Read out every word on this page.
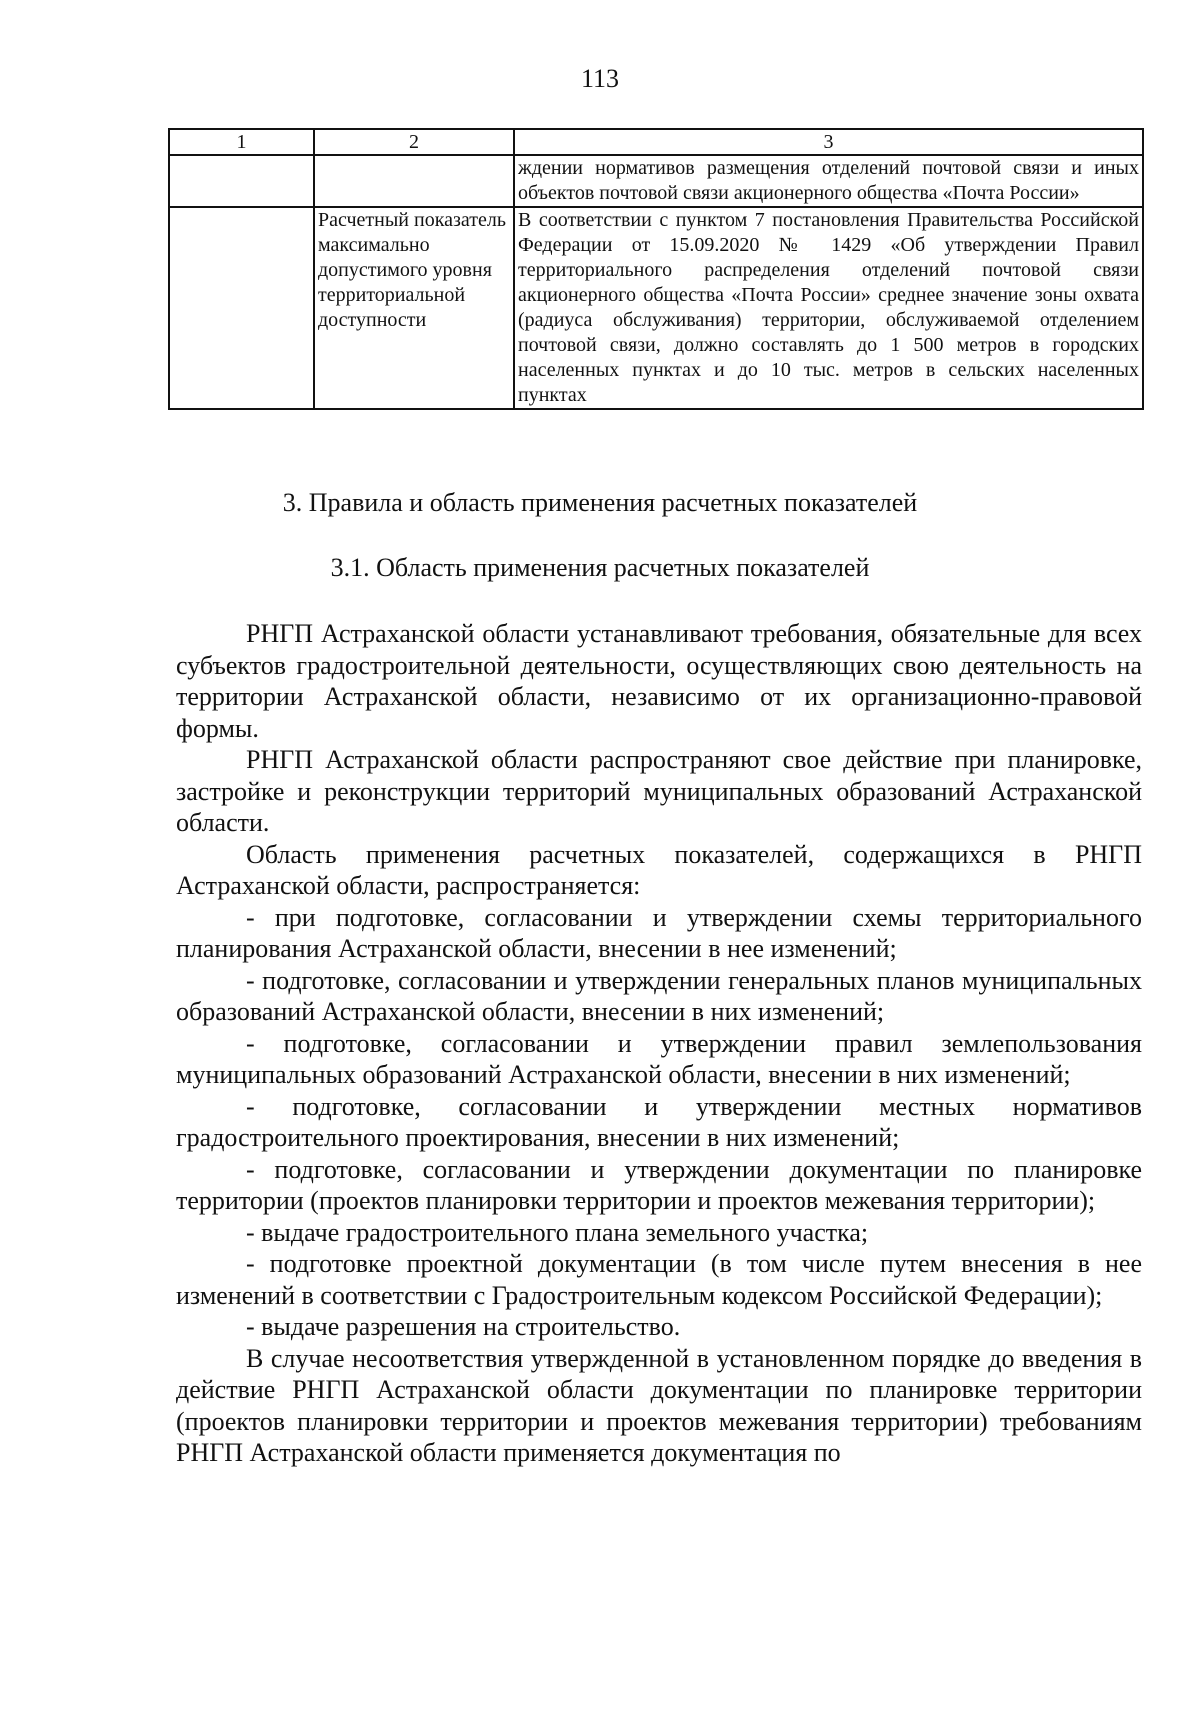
113
1	2	3
		ждении нормативов размещения отделений почтовой связи и иных объектов почтовой связи акционерного общества «Почта России»
	Расчетный показатель максимально допустимого уровня территориальной доступности	В соответствии с пунктом 7 постановления Правительства Российской Федерации от 15.09.2020 № 1429 «Об утверждении Правил территориального распределения отделений почтовой связи акционерного общества «Почта России» среднее значение зоны охвата (радиуса обслуживания) территории, обслуживаемой отделением почтовой связи, должно составлять до 1 500 метров в городских населенных пунктах и до 10 тыс. метров в сельских населенных пунктах
3. Правила и область применения расчетных показателей
3.1. Область применения расчетных показателей

РНГП Астраханской области устанавливают требования, обязательные для всех субъектов градостроительной деятельности, осуществляющих свою деятельность на территории Астраханской области, независимо от их организационно-правовой формы.

РНГП Астраханской области распространяют свое действие при планировке, застройке и реконструкции территорий муниципальных образований Астраханской области.

Область применения расчетных показателей, содержащихся в РНГП Астраханской области, распространяется:

- при подготовке, согласовании и утверждении схемы территориального планирования Астраханской области, внесении в нее изменений;

- подготовке, согласовании и утверждении генеральных планов муниципальных образований Астраханской области, внесении в них изменений;

- подготовке, согласовании и утверждении правил землепользования муниципальных образований Астраханской области, внесении в них изменений;

- подготовке, согласовании и утверждении местных нормативов градостроительного проектирования, внесении в них изменений;

- подготовке, согласовании и утверждении документации по планировке территории (проектов планировки территории и проектов межевания территории);

- выдаче градостроительного плана земельного участка;

- подготовке проектной документации (в том числе путем внесения в нее изменений в соответствии с Градостроительным кодексом Российской Федерации);

- выдаче разрешения на строительство.

В случае несоответствия утвержденной в установленном порядке до введения в действие РНГП Астраханской области документации по планировке территории (проектов планировки территории и проектов межевания территории) требованиям РНГП Астраханской области применяется документация по
